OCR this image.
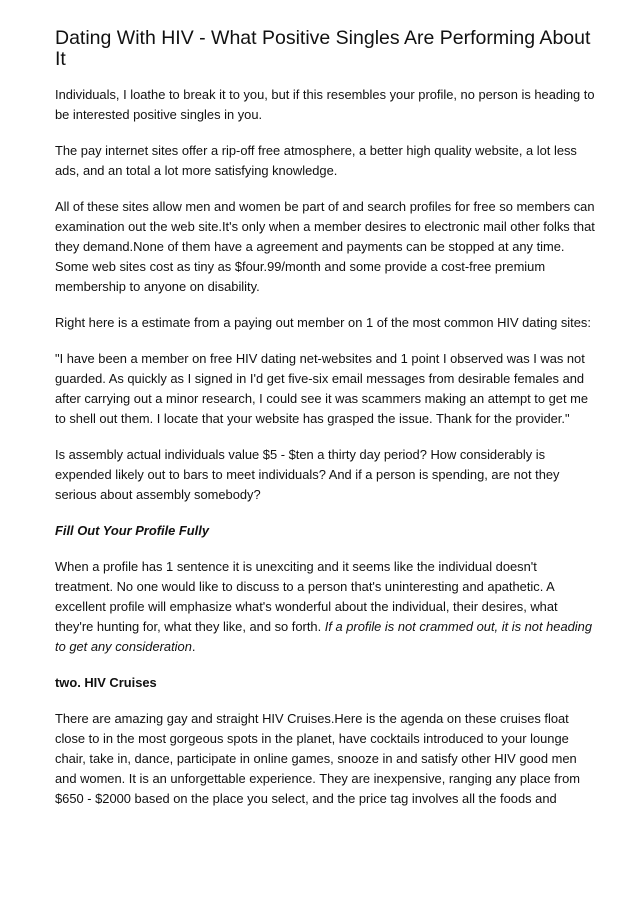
Dating With HIV - What Positive Singles Are Performing About It

Individuals, I loathe to break it to you, but if this resembles your profile, no person is heading to be interested positive singles in you.

The pay internet sites offer a rip-off free atmosphere, a better high quality website, a lot less ads, and an total a lot more satisfying knowledge.

All of these sites allow men and women be part of and search profiles for free so members can examination out the web site.It's only when a member desires to electronic mail other folks that they demand.None of them have a agreement and payments can be stopped at any time. Some web sites cost as tiny as $four.99/month and some provide a cost-free premium membership to anyone on disability.

Right here is a estimate from a paying out member on 1 of the most common HIV dating sites:

"I have been a member on free HIV dating net-websites and 1 point I observed was I was not guarded. As quickly as I signed in I'd get five-six email messages from desirable females and after carrying out a minor research, I could see it was scammers making an attempt to get me to shell out them. I locate that your website has grasped the issue. Thank for the provider."

Is assembly actual individuals value $5 - $ten a thirty day period? How considerably is expended likely out to bars to meet individuals? And if a person is spending, are not they serious about assembly somebody?

Fill Out Your Profile Fully

When a profile has 1 sentence it is unexciting and it seems like the individual doesn't treatment. No one would like to discuss to a person that's uninteresting and apathetic. A excellent profile will emphasize what's wonderful about the individual, their desires, what they're hunting for, what they like, and so forth. If a profile is not crammed out, it is not heading to get any consideration.

two. HIV Cruises

There are amazing gay and straight HIV Cruises.Here is the agenda on these cruises float close to in the most gorgeous spots in the planet, have cocktails introduced to your lounge chair, take in, dance, participate in online games, snooze in and satisfy other HIV good men and women. It is an unforgettable experience. They are inexpensive, ranging any place from $650 - $2000 based on the place you select, and the price tag involves all the foods and
